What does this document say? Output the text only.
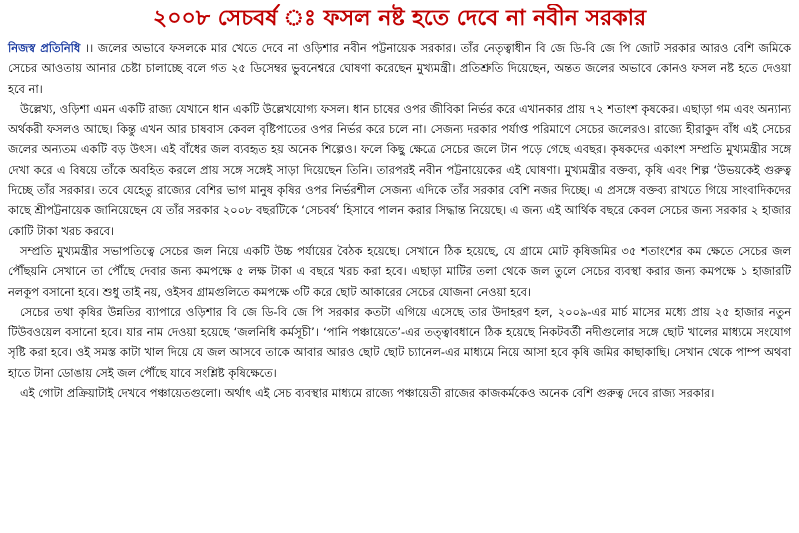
২০০৮ সেচবর্ষ ঃ ফসল নষ্ট হতে দেবে না নবীন সরকার

নিজস্ব প্রতিনিধি ।। জলের অভাবে ফসলকে মার খেতে দেবে না ওড়িশার নবীন পট্টনায়েক সরকার। তাঁর নেতৃত্বাধীন বি জে ডি-বি জে পি জোট সরকার আরও বেশি জমিকে সেচের আওতায় আনার চেষ্টা চালাচ্ছে বলে গত ২৫ ডিসেম্বর ভুবনেশ্বরে ঘোষণা করেছেন মুখ্যমন্ত্রী। প্রতিশ্রুতি দিয়েছেন, অন্তত জলের অভাবে কোনও ফসল নষ্ট হতে দেওয়া হবে না।

উল্লেখ্য, ওড়িশা এমন একটি রাজ্য যেখানে ধান একটি উল্লেখযোগ্য ফসল। ধান চাষের ওপর জীবিকা নির্ভর করে এখানকার প্রায় ৭২ শতাংশ কৃষকের। এছাড়া গম এবং অন্যান্য অর্থকরী ফসলও আছে। কিন্তু এখন আর চাষবাস কেবল বৃষ্টিপাতের ওপর নির্ভর করে চলে না। সেজন্য দরকার পর্যাপ্ত পরিমাণে সেচের জলেরও। রাজ্যে হীরাকুদ বাঁধ এই সেচের জলের অন্যতম একটি বড় উৎস। এই বাঁধের জল ব্যবহৃত হয় অনেক শিল্পেও। ফলে কিছু ক্ষেত্রে সেচের জলে টান পড়ে গেছে এবছর। কৃষকদের একাংশ সম্প্রতি মুখ্যমন্ত্রীর সঙ্গে দেখা করে এ বিষয়ে তাঁকে অবহিত করলে প্রায় সঙ্গে সঙ্গেই সাড়া দিয়েছেন তিনি। তারপরই নবীন পট্টনায়েকের এই ঘোষণা। মুখ্যমন্ত্রীর বক্তব্য, কৃষি এবং শিল্প ‘উভয়কেই গুরুত্ব দিচ্ছে তাঁর সরকার। তবে যেহেতু রাজ্যের বেশির ভাগ মানুষ কৃষির ওপর নির্ভরশীল সেজন্য এদিকে তাঁর সরকার বেশি নজর দিচ্ছে। এ প্রসঙ্গে বক্তব্য রাখতে গিয়ে সাংবাদিকদের কাছে শ্রীপট্টনায়েক জানিয়েছেন যে তাঁর সরকার ২০০৮ বছরটিকে ‘সেচবর্ষ’ হিসাবে পালন করার সিদ্ধান্ত নিয়েছে। এ জন্য এই আর্থিক বছরে কেবল সেচের জন্য সরকার ২ হাজার কোটি টাকা খরচ করবে।

সম্প্রতি মুখ্যমন্ত্রীর সভাপতিত্বে সেচের জল নিয়ে একটি উচ্চ পর্যায়ের বৈঠক হয়েছে। সেখানে ঠিক হয়েছে, যে গ্রামে মোট কৃষিজমির ৩৫ শতাংশের কম ক্ষেতে সেচের জল পৌঁছয়নি সেখানে তা পৌঁছে দেবার জন্য কমপক্ষে ৫ লক্ষ টাকা এ বছরে খরচ করা হবে। এছাড়া মাটির তলা থেকে জল তুলে সেচের ব্যবস্থা করার জন্য কমপক্ষে ১ হাজারটি নলকূপ বসানো হবে। শুধু তাই নয়, ওইসব গ্রামগুলিতে কমপক্ষে ৩টি করে ছোট আকারের সেচের যোজনা নেওয়া হবে।

সেচের তথা কৃষির উন্নতির ব্যাপারে ওড়িশার বি জে ডি-বি জে পি সরকার কতটা এগিয়ে এসেছে তার উদাহরণ হল, ২০০৯-এর মার্চ মাসের মধ্যে প্রায় ২৫ হাজার নতুন টিউবওয়েল বসানো হবে। যার নাম দেওয়া হয়েছে ‘জলনিধি কর্মসূচী’। ‘পানি পঞ্চায়েতে’-এর তত্ত্বাবধানে ঠিক হয়েছে নিকটবর্তী নদীগুলোর সঙ্গে ছোট খালের মাধ্যমে সংযোগ সৃষ্টি করা হবে। ওই সমস্ত কাটা খাল দিয়ে যে জল আসবে তাকে আবার আরও ছোট ছোট চ্যানেল-এর মাধ্যমে নিয়ে আসা হবে কৃষি জমির কাছাকাছি। সেখান থেকে পাম্প অথবা হাতে টানা ডোঙায় সেই জল পৌঁছে যাবে সংশ্লিষ্ট কৃষিক্ষেতে।

এই গোটা প্রক্রিয়াটাই দেখবে পঞ্চায়েতগুলো। অর্থাৎ এই সেচ ব্যবস্থার মাধ্যমে রাজ্যে পঞ্চায়েতী রাজের কাজকর্মকেও অনেক বেশি গুরুত্ব দেবে রাজ্য সরকার।
